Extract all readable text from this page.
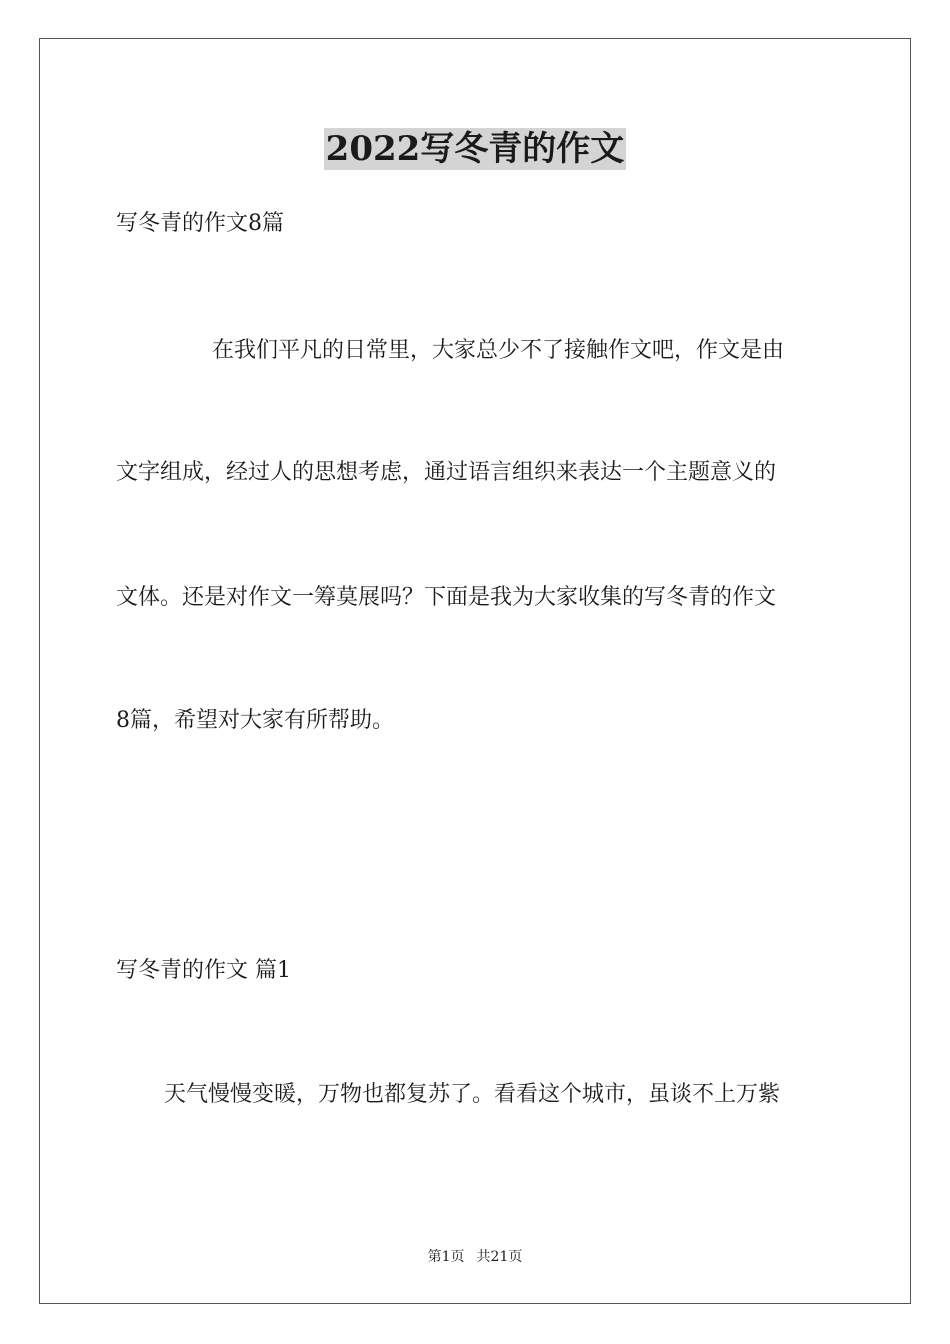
2022写冬青的作文

写冬青的作文8篇

在我们平凡的日常里，大家总少不了接触作文吧，作文是由

文字组成，经过人的思想考虑，通过语言组织来表达一个主题意义的

文体。还是对作文一筹莫展吗？下面是我为大家收集的写冬青的作文

8篇，希望对大家有所帮助。

写冬青的作文 篇1

天气慢慢变暖，万物也都复苏了。看看这个城市，虽谈不上万紫

第1页 共21页
